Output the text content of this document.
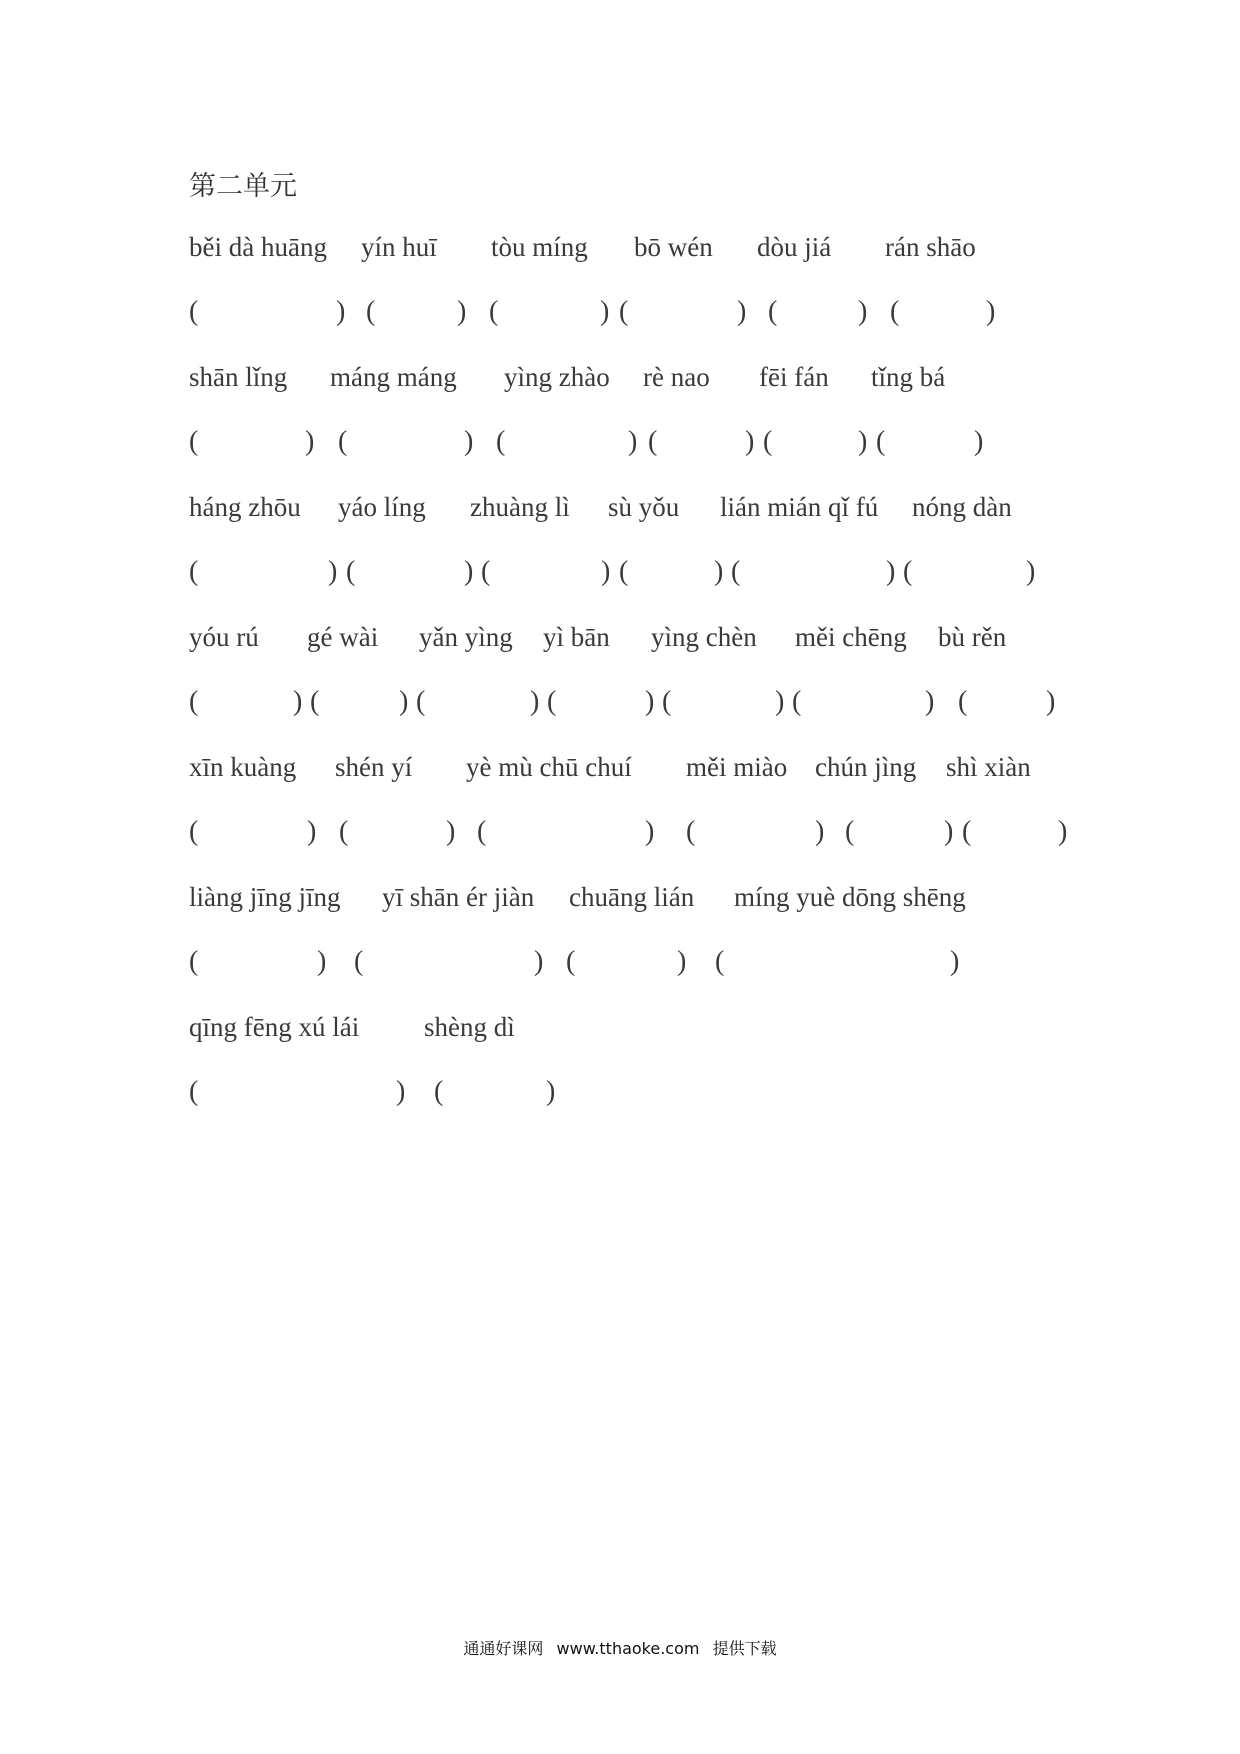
第二单元
běi dà huāng yín huī tòu míng bō wén dòu jiá rán shāo
(	) (	) (	) (	) (	) (	)
shān lǐng máng máng yìng zhào rè nao fēi fán tǐng bá
(	) (	) (	) (	) (	) (	)
háng zhōu yáo líng zhuàng lì sù yǒu lián mián qǐ fú nóng dàn
(	) (	) (	) (	) (	) (	)
yóu rú gé wài yǎn yìng yì bān yìng chèn měi chēng bù rěn
(	) (	) (	) (	) (	) (	) (	)
xīn kuàng shén yí yè mù chū chuí měi miào chún jìng shì xiàn
(	) (	) (	) (	) (	) (	)
liàng jīng jīng yī shān ér jiàn chuāng lián míng yuè dōng shēng
(	) (	) (	) (	)
qīng fēng xú lái shèng dì
(	) (	)
通通好课网 www.tthaoke.com 提供下载
